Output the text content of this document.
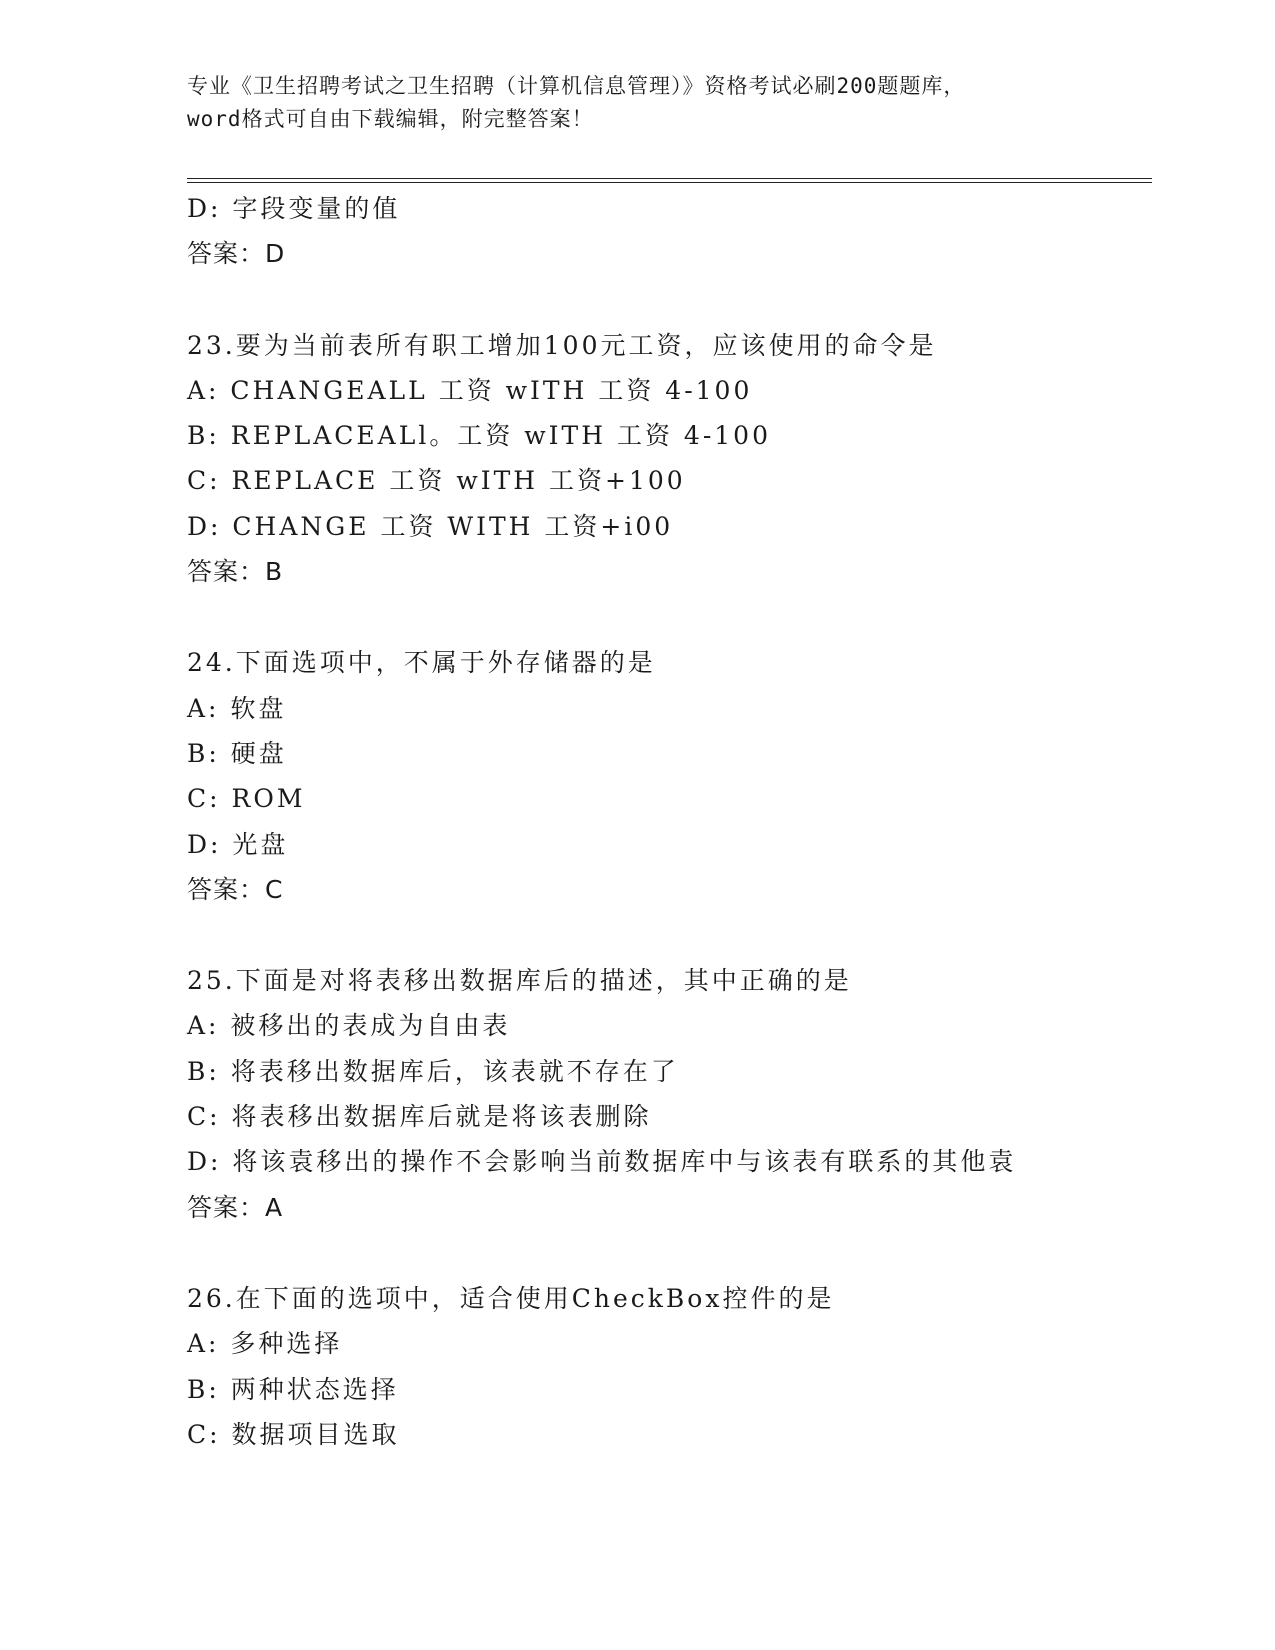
专业《卫生招聘考试之卫生招聘（计算机信息管理）》资格考试必刷200题题库，
word格式可自由下载编辑，附完整答案！
D: 字段变量的值
答案：D
23.要为当前表所有职工增加100元工资，应该使用的命令是
A: CHANGEALL 工资 wITH 工资 4-100
B: REPLACEALl。工资 wITH 工资 4-100
C: REPLACE 工资 wITH 工资+100
D: CHANGE 工资 WITH 工资+i00
答案：B
24.下面选项中，不属于外存储器的是
A: 软盘
B: 硬盘
C: ROM
D: 光盘
答案：C
25.下面是对将表移出数据库后的描述，其中正确的是
A: 被移出的表成为自由表
B: 将表移出数据库后，该表就不存在了
C: 将表移出数据库后就是将该表删除
D: 将该袁移出的操作不会影响当前数据库中与该表有联系的其他袁
答案：A
26.在下面的选项中，适合使用CheckBox控件的是
A: 多种选择
B: 两种状态选择
C: 数据项目选取
